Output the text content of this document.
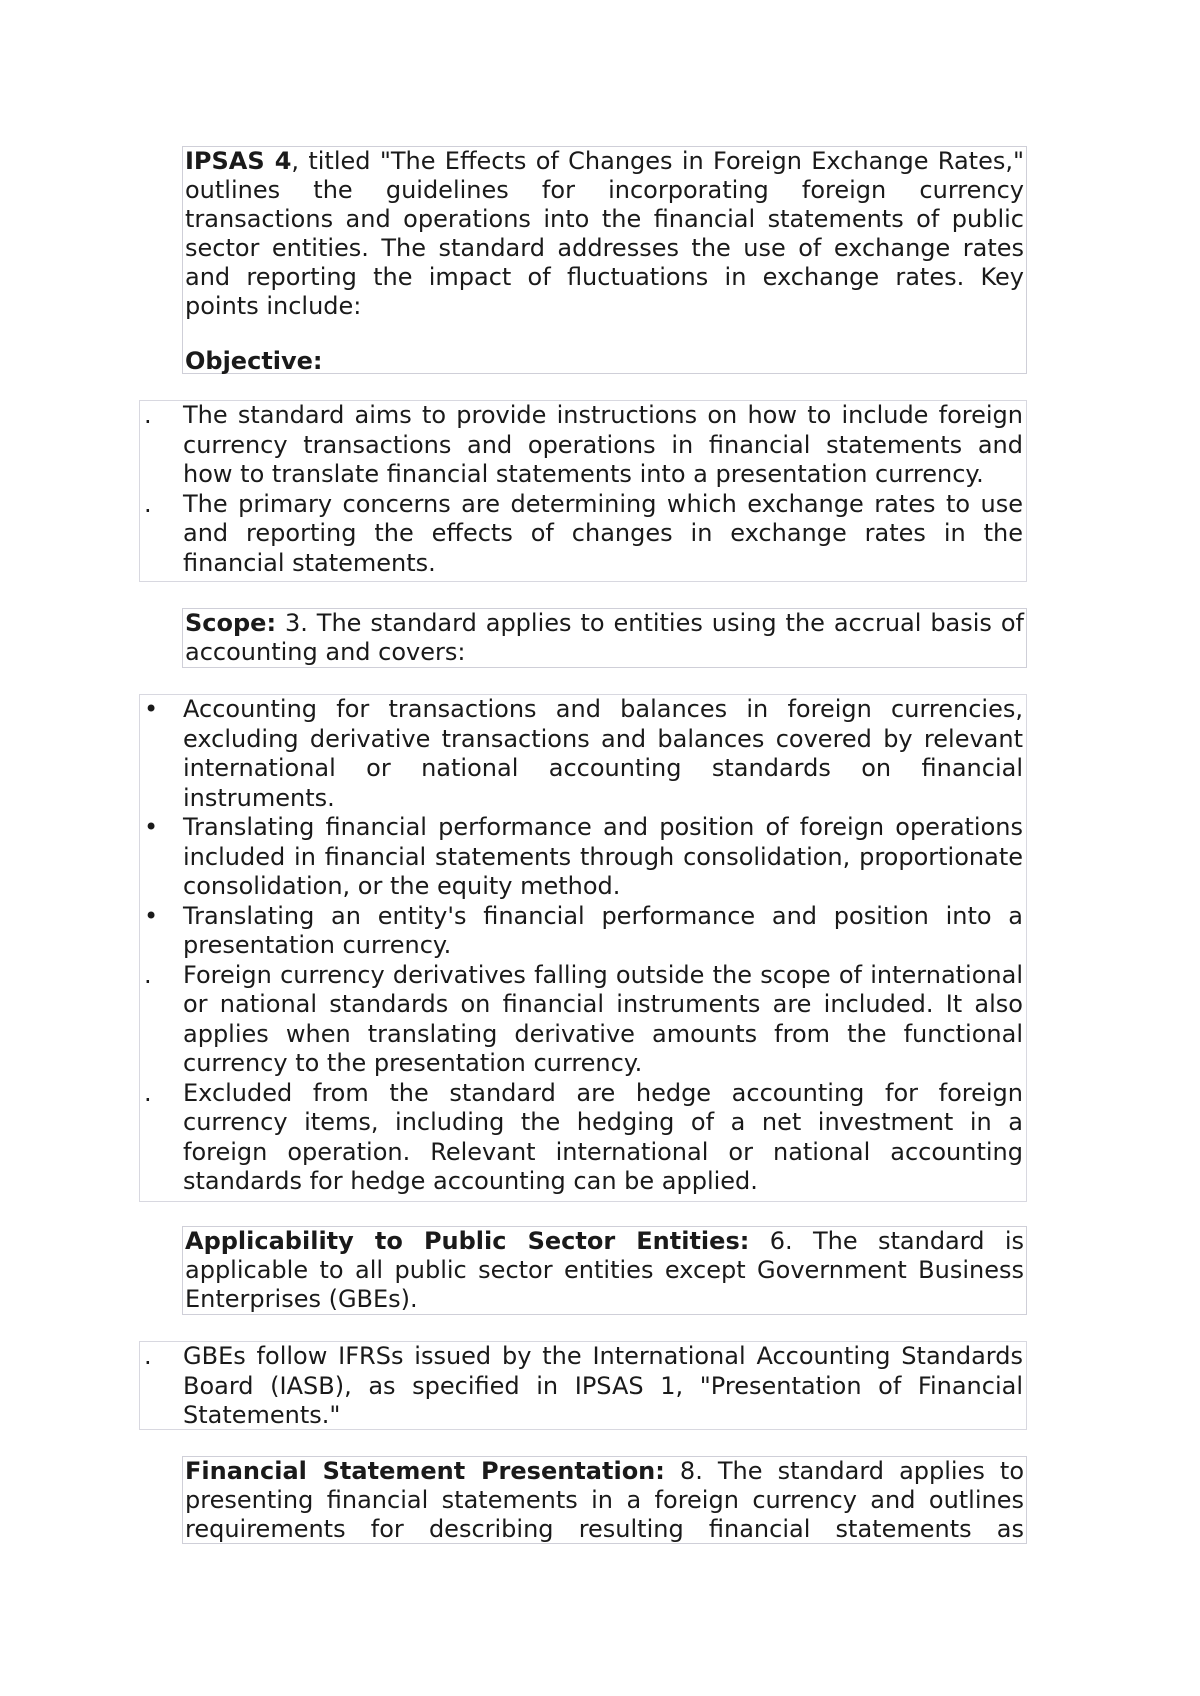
IPSAS 4, titled "The Effects of Changes in Foreign Exchange Rates," outlines the guidelines for incorporating foreign currency transactions and operations into the financial statements of public sector entities. The standard addresses the use of exchange rates and reporting the impact of fluctuations in exchange rates. Key points include:

Objective:

.	The standard aims to provide instructions on how to include foreign currency transactions and operations in financial statements and how to translate financial statements into a presentation currency.
.	The primary concerns are determining which exchange rates to use and reporting the effects of changes in exchange rates in the financial statements.

Scope: 3. The standard applies to entities using the accrual basis of accounting and covers:

• Accounting for transactions and balances in foreign currencies, excluding derivative transactions and balances covered by relevant international or national accounting standards on financial instruments.
• Translating financial performance and position of foreign operations included in financial statements through consolidation, proportionate consolidation, or the equity method.
• Translating an entity's financial performance and position into a presentation currency.
.	Foreign currency derivatives falling outside the scope of international or national standards on financial instruments are included. It also applies when translating derivative amounts from the functional currency to the presentation currency.
.	Excluded from the standard are hedge accounting for foreign currency items, including the hedging of a net investment in a foreign operation. Relevant international or national accounting standards for hedge accounting can be applied.

Applicability to Public Sector Entities: 6. The standard is applicable to all public sector entities except Government Business Enterprises (GBEs).

.	GBEs follow IFRSs issued by the International Accounting Standards Board (IASB), as specified in IPSAS 1, "Presentation of Financial Statements."

Financial Statement Presentation: 8. The standard applies to presenting financial statements in a foreign currency and outlines requirements for describing resulting financial statements as
